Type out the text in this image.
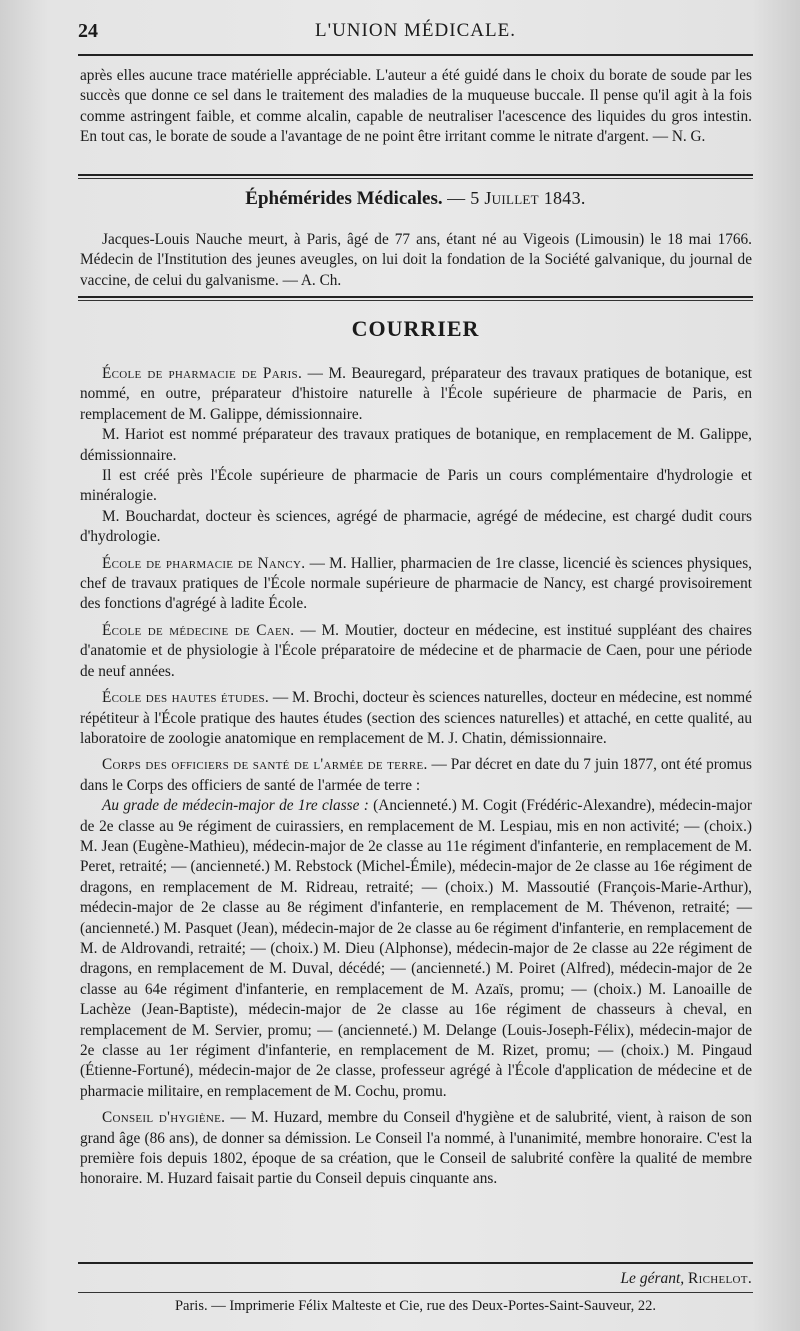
24	L'UNION MÉDICALE.

après elles aucune trace matérielle appréciable. L'auteur a été guidé dans le choix du borate de soude par les succès que donne ce sel dans le traitement des maladies de la muqueuse buccale. Il pense qu'il agit à la fois comme astringent faible, et comme alcalin, capable de neutraliser l'acescence des liquides du gros intestin. En tout cas, le borate de soude a l'avantage de ne point être irritant comme le nitrate d'argent. — N. G.

Éphémérides Médicales. — 5 Juillet 1843.

Jacques-Louis Nauche meurt, à Paris, âgé de 77 ans, étant né au Vigeois (Limousin) le 18 mai 1766. Médecin de l'Institution des jeunes aveugles, on lui doit la fondation de la Société galvanique, du journal de vaccine, de celui du galvanisme. — A. Ch.

COURRIER

École de pharmacie de Paris. — M. Beauregard, préparateur des travaux pratiques de botanique, est nommé, en outre, préparateur d'histoire naturelle à l'École supérieure de pharmacie de Paris, en remplacement de M. Galippe, démissionnaire.

M. Hariot est nommé préparateur des travaux pratiques de botanique, en remplacement de M. Galippe, démissionnaire.

Il est créé près l'École supérieure de pharmacie de Paris un cours complémentaire d'hydrologie et minéralogie.

M. Bouchardat, docteur ès sciences, agrégé de pharmacie, agrégé de médecine, est chargé dudit cours d'hydrologie.

École de pharmacie de Nancy. — M. Hallier, pharmacien de 1re classe, licencié ès sciences physiques, chef de travaux pratiques de l'École normale supérieure de pharmacie de Nancy, est chargé provisoirement des fonctions d'agrégé à ladite École.

École de médecine de Caen. — M. Moutier, docteur en médecine, est institué suppléant des chaires d'anatomie et de physiologie à l'École préparatoire de médecine et de pharmacie de Caen, pour une période de neuf années.

École des hautes études. — M. Brochi, docteur ès sciences naturelles, docteur en médecine, est nommé répétiteur à l'École pratique des hautes études (section des sciences naturelles) et attaché, en cette qualité, au laboratoire de zoologie anatomique en remplacement de M. J. Chatin, démissionnaire.

Corps des officiers de santé de l'armée de terre. — Par décret en date du 7 juin 1877, ont été promus dans le Corps des officiers de santé de l'armée de terre :

Au grade de médecin-major de 1re classe : (Ancienneté.) M. Cogit (Frédéric-Alexandre), médecin-major de 2e classe au 9e régiment de cuirassiers, en remplacement de M. Lespiau, mis en non activité; — (choix.) M. Jean (Eugène-Mathieu), médecin-major de 2e classe au 11e régiment d'infanterie, en remplacement de M. Peret, retraité; — (ancienneté.) M. Rebstock (Michel-Émile), médecin-major de 2e classe au 16e régiment de dragons, en remplacement de M. Ridreau, retraité; — (choix.) M. Massoutié (François-Marie-Arthur), médecin-major de 2e classe au 8e régiment d'infanterie, en remplacement de M. Thévenon, retraité; — (ancienneté.) M. Pasquet (Jean), médecin-major de 2e classe au 6e régiment d'infanterie, en remplacement de M. de Aldrovandi, retraité; — (choix.) M. Dieu (Alphonse), médecin-major de 2e classe au 22e régiment de dragons, en remplacement de M. Duval, décédé; — (ancienneté.) M. Poiret (Alfred), médecin-major de 2e classe au 64e régiment d'infanterie, en remplacement de M. Azaïs, promu; — (choix.) M. Lanoaille de Lachèze (Jean-Baptiste), médecin-major de 2e classe au 16e régiment de chasseurs à cheval, en remplacement de M. Servier, promu; — (ancienneté.) M. Delange (Louis-Joseph-Félix), médecin-major de 2e classe au 1er régiment d'infanterie, en remplacement de M. Rizet, promu; — (choix.) M. Pingaud (Étienne-Fortuné), médecin-major de 2e classe, professeur agrégé à l'École d'application de médecine et de pharmacie militaire, en remplacement de M. Cochu, promu.

Conseil d'hygiène. — M. Huzard, membre du Conseil d'hygiène et de salubrité, vient, à raison de son grand âge (86 ans), de donner sa démission. Le Conseil l'a nommé, à l'unanimité, membre honoraire. C'est la première fois depuis 1802, époque de sa création, que le Conseil de salubrité confère la qualité de membre honoraire. M. Huzard faisait partie du Conseil depuis cinquante ans.

Le gérant, Richelot.
Paris. — Imprimerie Félix Malteste et Cie, rue des Deux-Portes-Saint-Sauveur, 22.
